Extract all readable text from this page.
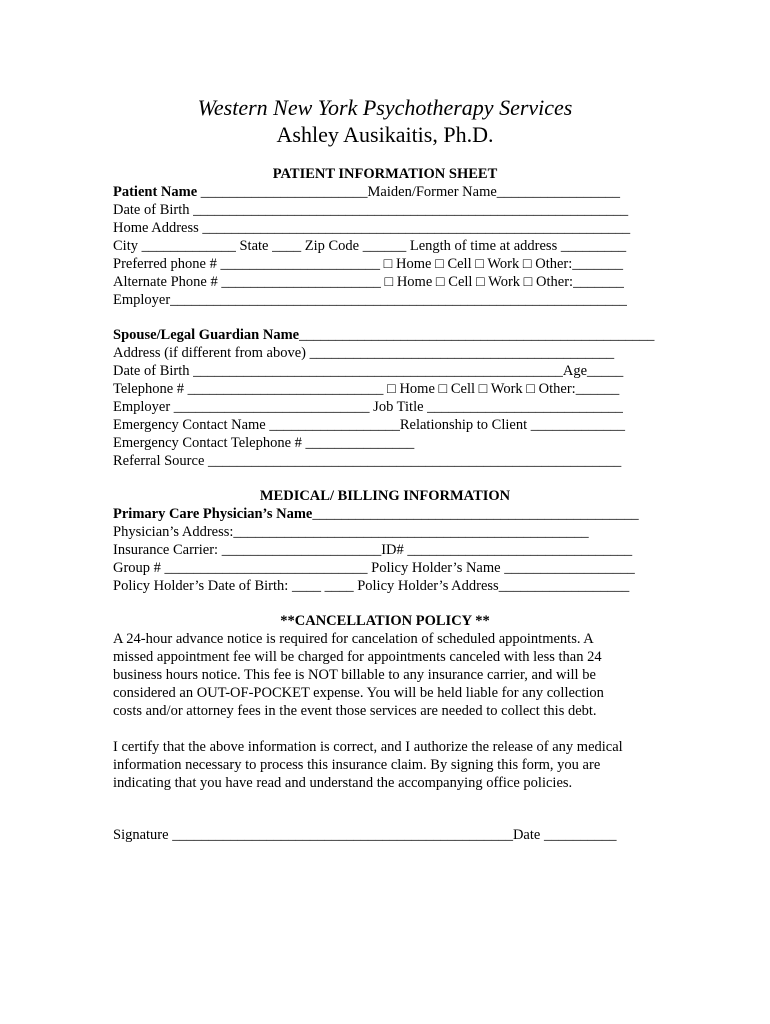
Western New York Psychotherapy Services
Ashley Ausikaitis, Ph.D.
PATIENT INFORMATION SHEET
Patient Name _______________________Maiden/Former Name_________________
Date of Birth ____________________________________________________________
Home Address ___________________________________________________________
City _____________ State ____ Zip Code ______ Length of time at address _________
Preferred phone # ______________________ □ Home □ Cell □ Work □ Other:_______
Alternate Phone # ______________________ □ Home □ Cell □ Work □ Other:_______
Employer_______________________________________________________________
Spouse/Legal Guardian Name_________________________________________________
Address (if different from above) __________________________________________
Date of Birth ___________________________________________________Age_____
Telephone # ___________________________ □ Home □ Cell □ Work □ Other:______
Employer ___________________________ Job Title ___________________________
Emergency Contact Name __________________Relationship to Client _____________
Emergency Contact Telephone # _______________
Referral Source _________________________________________________________
MEDICAL/ BILLING INFORMATION
Primary Care Physician’s Name_____________________________________________
Physician’s Address:_________________________________________________
Insurance Carrier: ______________________ID# _______________________________
Group # ____________________________ Policy Holder’s Name __________________
Policy Holder’s Date of Birth: ____ ____ Policy Holder’s Address__________________
**CANCELLATION POLICY **
A 24-hour advance notice is required for cancelation of scheduled appointments. A
missed appointment fee will be charged for appointments canceled with less than 24
business hours notice. This fee is NOT billable to any insurance carrier, and will be
considered an OUT-OF-POCKET expense. You will be held liable for any collection
costs and/or attorney fees in the event those services are needed to collect this debt.
I certify that the above information is correct, and I authorize the release of any medical
information necessary to process this insurance claim. By signing this form, you are
indicating that you have read and understand the accompanying office policies.
Signature _______________________________________________Date __________
